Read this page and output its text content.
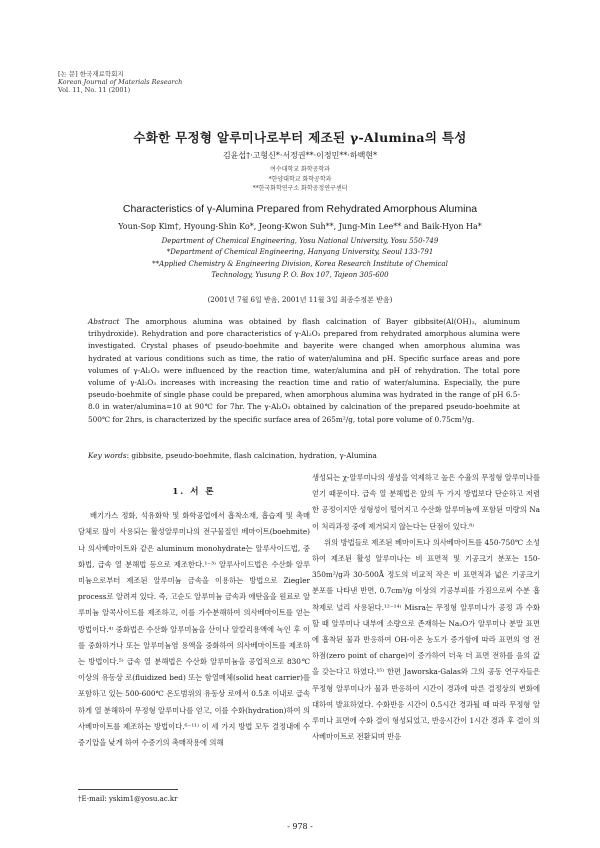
[논 문] 한국재료학회지
Korean Journal of Materials Research
Vol. 11, No. 11 (2001)
수화한 무정형 알루미나로부터 제조된 γ-Alumina의 특성
김윤섭†·고형신*·서정권**·이정민**·하백현*
여수대학교 화학공학과
*한양대학교 화학공학과
**한국화학연구소 화학공정연구센터
Characteristics of γ-Alumina Prepared from Rehydrated Amorphous Alumina
Youn-Sop Kim†, Hyoung-Shin Ko*, Jeong-Kwon Suh**, Jung-Min Lee** and Baik-Hyon Ha*
Department of Chemical Engineering, Yosu National University, Yosu 550-749
*Department of Chemical Engineering, Hanyang University, Seoul 133-791
**Applied Chemistry & Engineering Division, Korea Research Institute of Chemical
Technology, Yusung P. O. Box 107, Tajeon 305-600
(2001년 7월 6일 받음, 2001년 11월 3일 최종수정본 받음)
Abstract The amorphous alumina was obtained by flash calcination of Bayer gibbsite(Al(OH)₃, aluminum trihydroxide). Rehydration and pore characteristics of γ-Al₂O₃ prepared from rehydrated amorphous alumina were investigated. Crystal phases of pseudo-boehmite and bayerite were changed when amorphous alumina was hydrated at various conditions such as time, the ratio of water/alumina and pH. Specific surface areas and pore volumes of γ-Al₂O₃ were influenced by the reaction time, water/alumina and pH of rehydration. The total pore volume of γ-Al₂O₃ increases with increasing the reaction time and ratio of water/alumina. Especially, the pure pseudo-boehmite of single phase could be prepared, when amorphous alumina was hydrated in the range of pH 6.5-8.0 in water/alumina=10 at 90℃ for 7hr. The γ-Al₂O₃ obtained by calcination of the prepared pseudo-boehmite at 500℃ for 2hrs, is characterized by the specific surface area of 265m²/g, total pore volume of 0.75cm³/g.
Key words: gibbsite, pseudo-boehmite, flash calcination, hydration, γ-Alumina
1. 서 론

배기가스 정화, 석유화학 및 화학공업에서 흡착소재, 흡습제 및 촉매담체로 많이 사용되는 활성알루미나의 전구물질인 베마이트(boehmite)나 의사베마이트와 같은 aluminum monohydrate는 알루사이드법, 중화법, 급속 열 분해법 등으로 제조한다.¹⁻³⁾ 알루사이드법은 수산화 알루미늄으로부터 제조된 알루미늄 금속을 이용하는 방법으로 Ziegler process로 알려져 있다. 즉, 고순도 알루미늄 금속과 에탄올을 원료로 알루미늄 알콕사이드를 제조하고, 이를 가수분해하여 의사베마이트를 얻는 방법이다.⁴⁾ 중화법은 수산화 알루미늄을 산이나 알칼리용액에 녹인 후 이를 중화하거나 또는 알루미늄염 용액을 중화하여 의사베마이트를 제조하는 방법이다.⁵⁾ 급속 열 분해법은 수산화 알루미늄을 공업적으로 830℃ 이상의 유동상 로(fluidized bed) 또는 함열매체(solid heat carrier)를 포함하고 있는 500-600℃ 온도범위의 유동상 로에서 0.5초 이내로 급속하게 열 분해하여 무정형 알루미나를 얻고, 이를 수화(hydration)하여 의사베마이트를 제조하는 방법이다.⁶⁻¹¹⁾ 이 세 가지 방법 모두 결정내에 수증기압을 낮게 하여 수증기의 촉매작용에 의해

생성되는 χ-알루미나의 생성을 억제하고 높은 수율의 무정형 알루미나를 얻기 때문이다. 급속 열 분해법은 앞의 두 가지 방법보다 단순하고 저렴한 공정이지만 성형성이 떨어지고 수산화 알루미늄에 포함된 미량의 Na이 처리과정 중에 제거되지 않는다는 단점이 있다.⁸⁾

위의 방법들로 제조된 베마이트나 의사베마이트를 450-750℃ 소성하여 제조된 활성 알루미나는 비 표면적 및 기공크기 분포는 150-350m²/g과 30-500Å 정도의 비교적 작은 비 표면적과 넓은 기공크기 분포를 나타낸 반면, 0.7cm³/g 이상의 기공부피를 가짐으로써 수분 흡착제로 널리 사용된다.¹²⁻¹⁴⁾ Misra는 무정형 알루미나가 공정 과 수화할 때 알루미나 내부에 소량으로 존재하는 Na₂O가 알루미나 분말 표면에 흡착된 물과 반응하여 OH-이온 농도가 증가함에 따라 표면의 영 전하점(zero point of charge)이 증가하여 더욱 더 표면 전하를 음의 값을 갖는다고 하였다.¹⁵⁾ 한편 Jaworska-Galas와 그의 공동 연구자들은 무정형 알루미나가 물과 반응하여 시간이 경과에 따른 결정상의 변화에 대하여 발표하였다. 수화반응 시간이 0.5시간 경과될 때 따라 무정형 알루미나 표면에 수화 결이 형성되었고, 반응시간이 1시간 경과 후 결이 의사베마이트로 전환되며 반응

†E-mail: yskim1@yosu.ac.kr
- 978 -
